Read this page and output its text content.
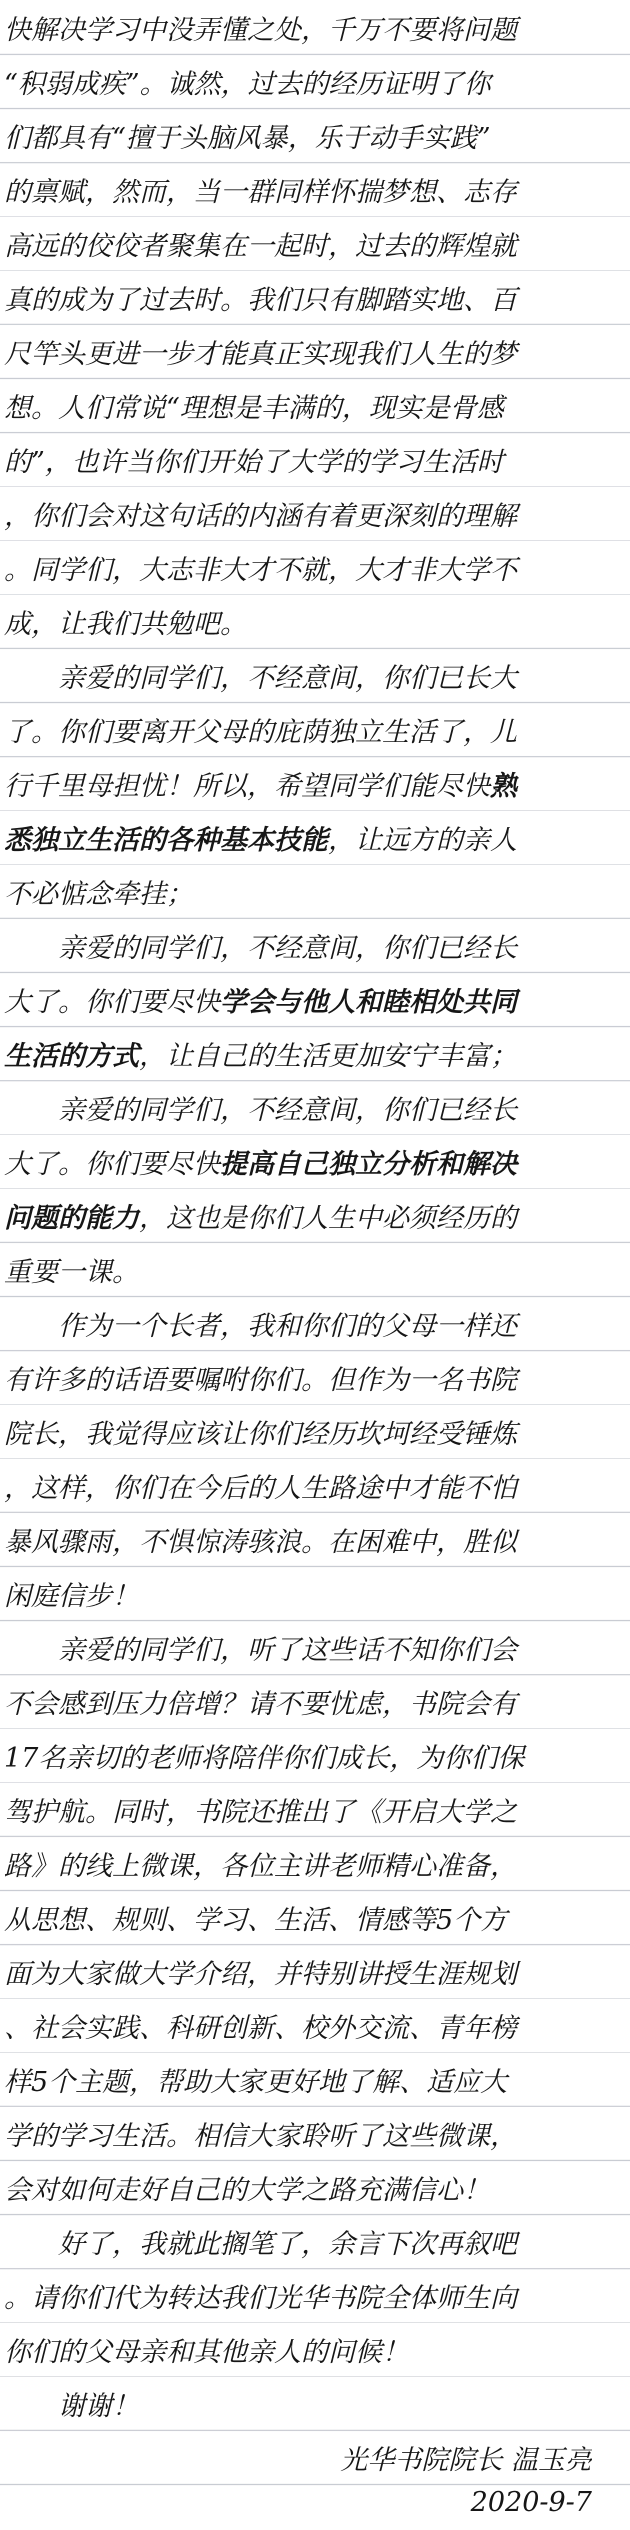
快解决学习中没弄懂之处，千万不要将问题
“积弱成疾”。诚然，过去的经历证明了你
们都具有“擅于头脑风暴，乐于动手实践”
的禀赋，然而，当一群同样怀揣梦想、志存
高远的佼佼者聚集在一起时，过去的辉煌就
真的成为了过去时。我们只有脚踏实地、百
尺竿头更进一步才能真正实现我们人生的梦
想。人们常说“理想是丰满的，现实是骨感
的”，也许当你们开始了大学的学习生活时
，你们会对这句话的内涵有着更深刻的理解
。同学们，大志非大才不就，大才非大学不
成，让我们共勉吧。
　　亲爱的同学们，不经意间，你们已长大
了。你们要离开父母的庇荫独立生活了，儿
行千里母担忧！所以，希望同学们能尽快熟
悉独立生活的各种基本技能，让远方的亲人
不必惦念牵挂；
　　亲爱的同学们，不经意间，你们已经长
大了。你们要尽快学会与他人和睦相处共同
生活的方式，让自己的生活更加安宁丰富；
　　亲爱的同学们，不经意间，你们已经长
大了。你们要尽快提高自己独立分析和解决
问题的能力，这也是你们人生中必须经历的
重要一课。
　　作为一个长者，我和你们的父母一样还
有许多的话语要嘱咐你们。但作为一名书院
院长，我觉得应该让你们经历坎坷经受锤炼
，这样，你们在今后的人生路途中才能不怕
暴风骤雨，不惧惊涛骇浪。在困难中，胜似
闲庭信步！
　　亲爱的同学们，听了这些话不知你们会
不会感到压力倍增？请不要忧虑，书院会有
17名亲切的老师将陪伴你们成长，为你们保
驾护航。同时，书院还推出了《开启大学之
路》的线上微课，各位主讲老师精心准备，
从思想、规则、学习、生活、情感等5个方
面为大家做大学介绍，并特别讲授生涯规划
、社会实践、科研创新、校外交流、青年榜
样5个主题，帮助大家更好地了解、适应大
学的学习生活。相信大家聆听了这些微课，
会对如何走好自己的大学之路充满信心！
　　好了，我就此搁笔了，余言下次再叙吧
。请你们代为转达我们光华书院全体师生向
你们的父母亲和其他亲人的问候！
　　谢谢！
光华书院院长 温玉亮
2020-9-7
